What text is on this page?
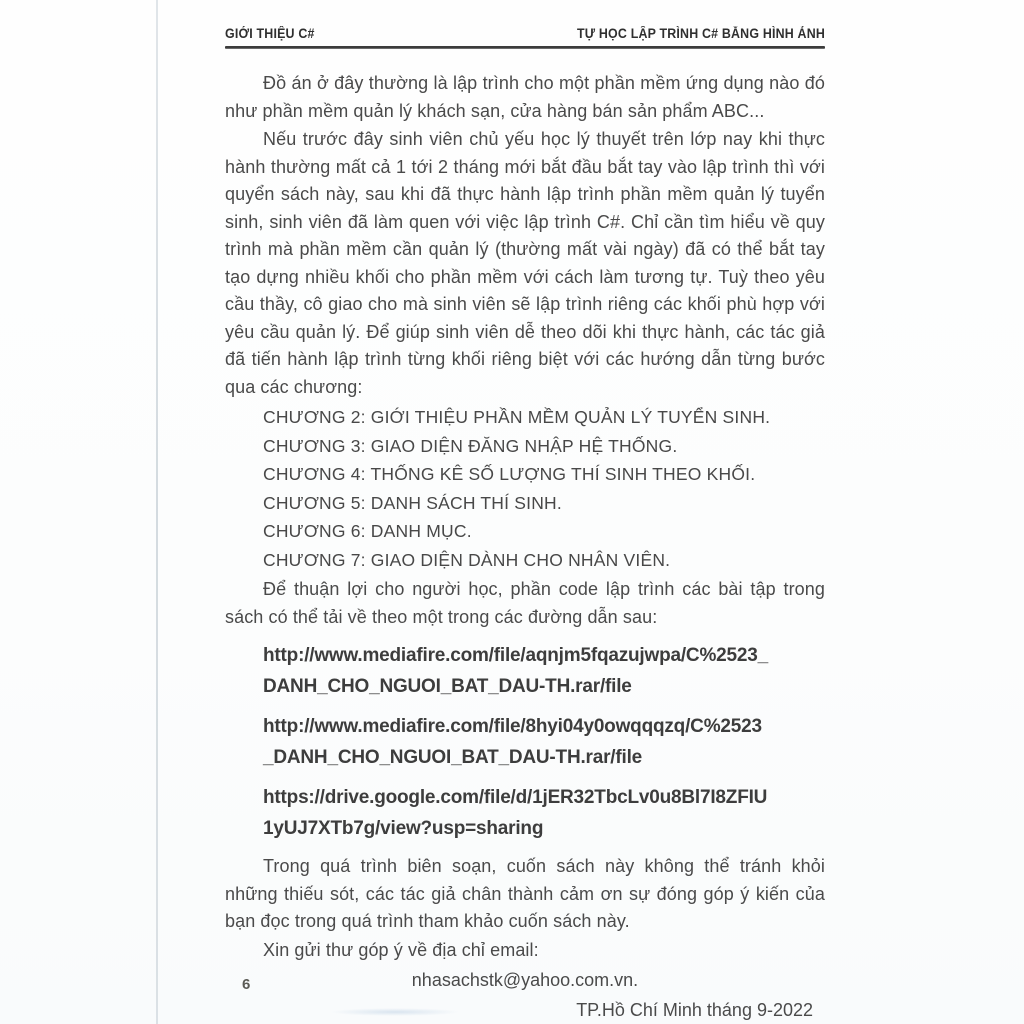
GIỚI THIỆU C#	TỰ HỌC LẬP TRÌNH C# BẰNG HÌNH ẢNH

Đồ án ở đây thường là lập trình cho một phần mềm ứng dụng nào đó như phần mềm quản lý khách sạn, cửa hàng bán sản phẩm ABC...

Nếu trước đây sinh viên chủ yếu học lý thuyết trên lớp nay khi thực hành thường mất cả 1 tới 2 tháng mới bắt đầu bắt tay vào lập trình thì với quyển sách này, sau khi đã thực hành lập trình phần mềm quản lý tuyển sinh, sinh viên đã làm quen với việc lập trình C#. Chỉ cần tìm hiểu về quy trình mà phần mềm cần quản lý (thường mất vài ngày) đã có thể bắt tay tạo dựng nhiều khối cho phần mềm với cách làm tương tự. Tuỳ theo yêu cầu thầy, cô giao cho mà sinh viên sẽ lập trình riêng các khối phù hợp với yêu cầu quản lý. Để giúp sinh viên dễ theo dõi khi thực hành, các tác giả đã tiến hành lập trình từng khối riêng biệt với các hướng dẫn từng bước qua các chương:

CHƯƠNG 2: GIỚI THIỆU PHẦN MỀM QUẢN LÝ TUYỂN SINH.
CHƯƠNG 3: GIAO DIỆN ĐĂNG NHẬP HỆ THỐNG.
CHƯƠNG 4: THỐNG KÊ SỐ LƯỢNG THÍ SINH THEO KHỐI.
CHƯƠNG 5: DANH SÁCH THÍ SINH.
CHƯƠNG 6: DANH MỤC.
CHƯƠNG 7: GIAO DIỆN DÀNH CHO NHÂN VIÊN.

Để thuận lợi cho người học, phần code lập trình các bài tập trong sách có thể tải về theo một trong các đường dẫn sau:

http://www.mediafire.com/file/aqnjm5fqazujwpa/C%2523_
DANH_CHO_NGUOI_BAT_DAU-TH.rar/file
http://www.mediafire.com/file/8hyi04y0owqqqzq/C%2523
_DANH_CHO_NGUOI_BAT_DAU-TH.rar/file
https://drive.google.com/file/d/1jER32TbcLv0u8Bl7I8ZFIU
1yUJ7XTb7g/view?usp=sharing

Trong quá trình biên soạn, cuốn sách này không thể tránh khỏi những thiếu sót, các tác giả chân thành cảm ơn sự đóng góp ý kiến của bạn đọc trong quá trình tham khảo cuốn sách này.

Xin gửi thư góp ý về địa chỉ email:

nhasachstk@yahoo.com.vn.
TP.Hồ Chí Minh tháng 9-2022
6
